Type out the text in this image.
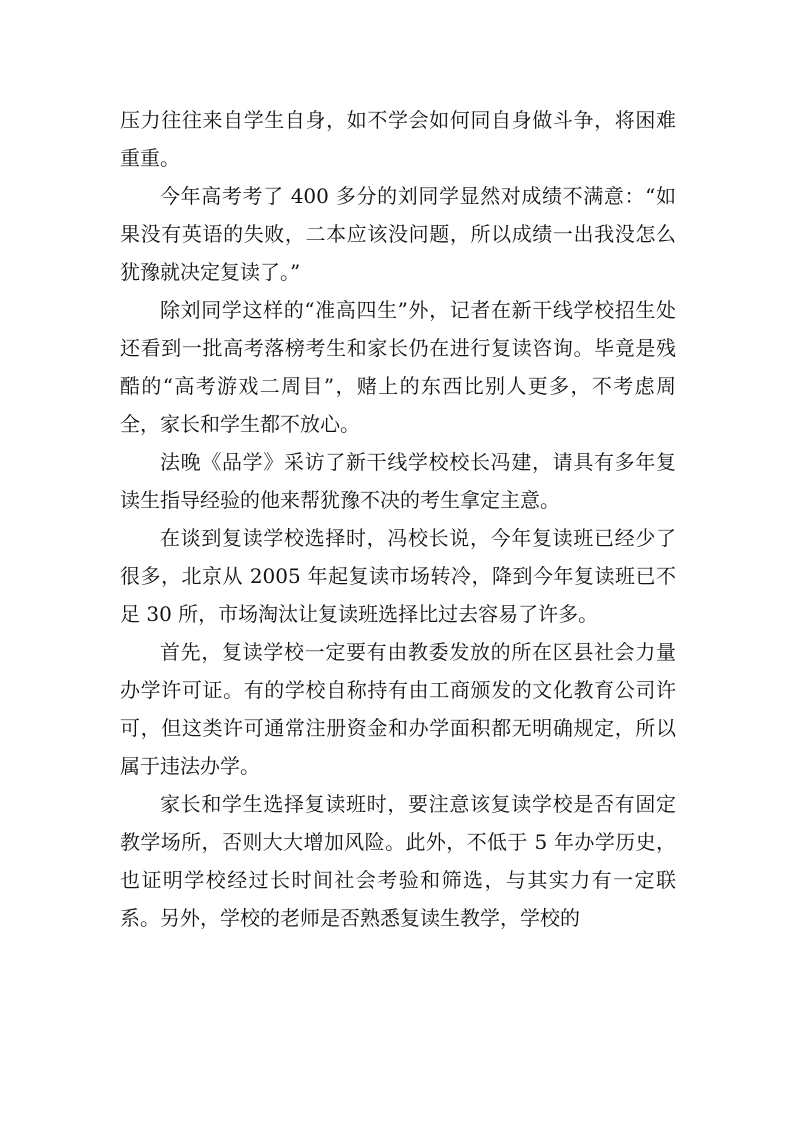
压力往往来自学生自身，如不学会如何同自身做斗争，将困难重重。

今年高考考了 400 多分的刘同学显然对成绩不满意：“如果没有英语的失败，二本应该没问题，所以成绩一出我没怎么犹豫就决定复读了。”

除刘同学这样的“准高四生”外，记者在新干线学校招生处还看到一批高考落榜考生和家长仍在进行复读咨询。毕竟是残酷的“高考游戏二周目”，赌上的东西比别人更多，不考虑周全，家长和学生都不放心。

法晚《品学》采访了新干线学校校长冯建，请具有多年复读生指导经验的他来帮犹豫不决的考生拿定主意。

在谈到复读学校选择时，冯校长说，今年复读班已经少了很多，北京从 2005 年起复读市场转冷，降到今年复读班已不足 30 所，市场淘汰让复读班选择比过去容易了许多。

首先，复读学校一定要有由教委发放的所在区县社会力量办学许可证。有的学校自称持有由工商颁发的文化教育公司许可，但这类许可通常注册资金和办学面积都无明确规定，所以属于违法办学。

家长和学生选择复读班时，要注意该复读学校是否有固定教学场所，否则大大增加风险。此外，不低于 5 年办学历史，也证明学校经过长时间社会考验和筛选，与其实力有一定联系。另外，学校的老师是否熟悉复读生教学，学校的
